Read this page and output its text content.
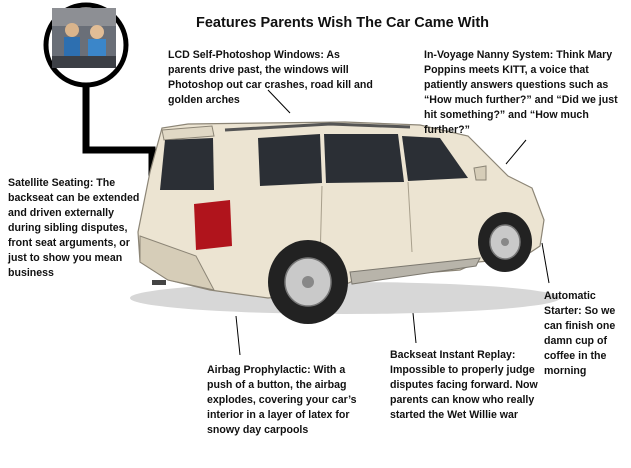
Features Parents Wish The Car Came With
LCD Self-Photoshop Windows: As parents drive past, the windows will Photoshop out car crashes, road kill and golden arches
In-Voyage Nanny System: Think Mary Poppins meets KITT, a voice that patiently answers questions such as “How much further?” and “Did we just hit something?” and “How much further?”
Satellite Seating: The backseat can be extended and driven externally during sibling disputes, front seat arguments, or just to show you mean business
Airbag Prophylactic: With a push of a button, the airbag explodes, covering your car’s interior in a layer of latex for snowy day carpools
Backseat Instant Replay: Impossible to properly judge disputes facing forward. Now parents can know who really started the Wet Willie war
Automatic Starter: So we can finish one damn cup of coffee in the morning
